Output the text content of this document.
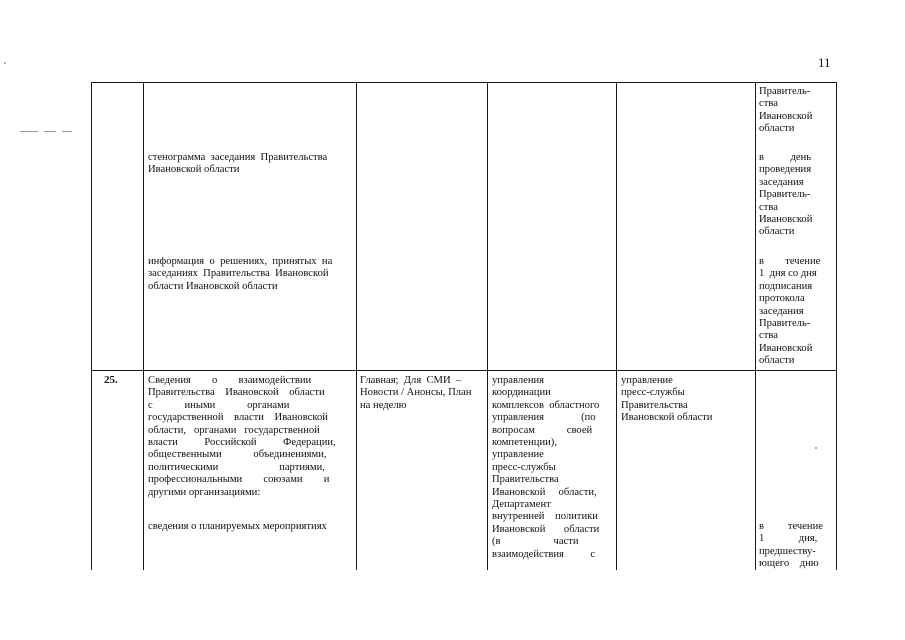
11
стенограмма  заседания  Правительства
Ивановской области
информация  о  решениях,  принятых  на
заседаниях  Правительства  Ивановской
области Ивановской области
Правитель-
ства
Ивановской
области
в          день
проведения
заседания
Правитель-
ства
Ивановской
области
в        течение
1  дня со дня
подписания
протокола
заседания
Правитель-
ства
Ивановской
области
25.	Сведения        о        взаимодействии
Правительства    Ивановской    области
с            иными            органами
государственной    власти    Ивановской
области,   органами   государственной
власти          Российской          Федерации,
общественными            объединениями,
политическими                       партиями,
профессиональными        союзами        и
другими организациями:
сведения о планируемых мероприятиях
Главная;  Для  СМИ  –
Новости / Анонсы, План
на неделю
управления
координации
комплексов  областного
управления              (по
вопросам            своей
компетенции),
управление
пресс-службы
Правительства
Ивановской     области,
Департамент
внутренней    политики
Ивановской       области
(в                    части
взаимодействия          с
управление
пресс-службы
Правительства
Ивановской области
в         течение
1             дня,
предшеству-
ющего    дню
